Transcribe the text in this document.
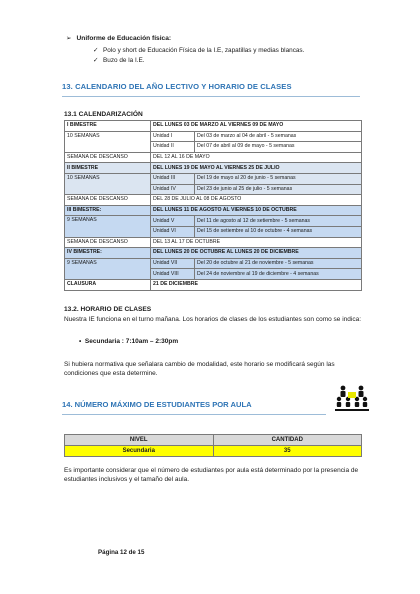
➢ Uniforme de Educación física:
✓ Polo y short de Educación Física de la I.E, zapatillas y medias blancas.
✓ Buzo de la I.E.
13. CALENDARIO DEL AÑO LECTIVO Y HORARIO DE CLASES
13.1 CALENDARIZACIÓN
I BIMESTRE	DEL LUNES 03 DE MARZO AL VIERNES 09 DE MAYO	
10 SEMANAS	Unidad I	Del 03 de marzo al 04 de abril - 5 semanas
	Unidad II	Del 07 de abril al 09 de mayo - 5 semanas
SEMANA DE DESCANSO	DEL 12 AL 16 DE MAYO	
II BIMESTRE	DEL LUNES 19 DE MAYO AL VIERNES 25 DE JULIO	
10 SEMANAS	Unidad III	Del 19 de mayo al 20 de junio - 5 semanas
	Unidad IV	Del 23 de junio al 25 de julio - 5 semanas
SEMANA DE DESCANSO	DEL 28 DE JULIO AL 08 DE AGOSTO	
III BIMESTRE:	DEL LUNES 11 DE AGOSTO AL VIERNES 10 DE OCTUBRE	
9 SEMANAS	Unidad V	Del 11 de agosto al 12 de setiembre - 5 semanas
	Unidad VI	Del 15 de setiembre al 10 de octubre - 4 semanas
SEMANA DE DESCANSO	DEL 13 AL 17 DE OCTUBRE	
IV BIMESTRE:	DEL LUNES 20 DE OCTUBRE AL LUNES 20 DE DICIEMBRE	
9 SEMANAS	Unidad VII	Del 20 de octubre al 21 de noviembre - 5 semanas
	Unidad VIII	Del 24 de noviembre al 19 de diciembre - 4 semanas
CLAUSURA	21 DE DICIEMBRE	
13.2. HORARIO DE CLASES
Nuestra IE funciona en el turno mañana. Los horarios de clases de los estudiantes son como se indica:
• Secundaria : 7:10am – 2:30pm
Si hubiera normativa que señalara cambio de modalidad, este horario se modificará según las condiciones que esta determine.
14. NÚMERO MÁXIMO DE ESTUDIANTES POR AULA
NIVEL	CANTIDAD
Secundaria	35
Es importante considerar que el número de estudiantes por aula está determinado por la presencia de estudiantes inclusivos y el tamaño del aula.
Página 12 de 15
